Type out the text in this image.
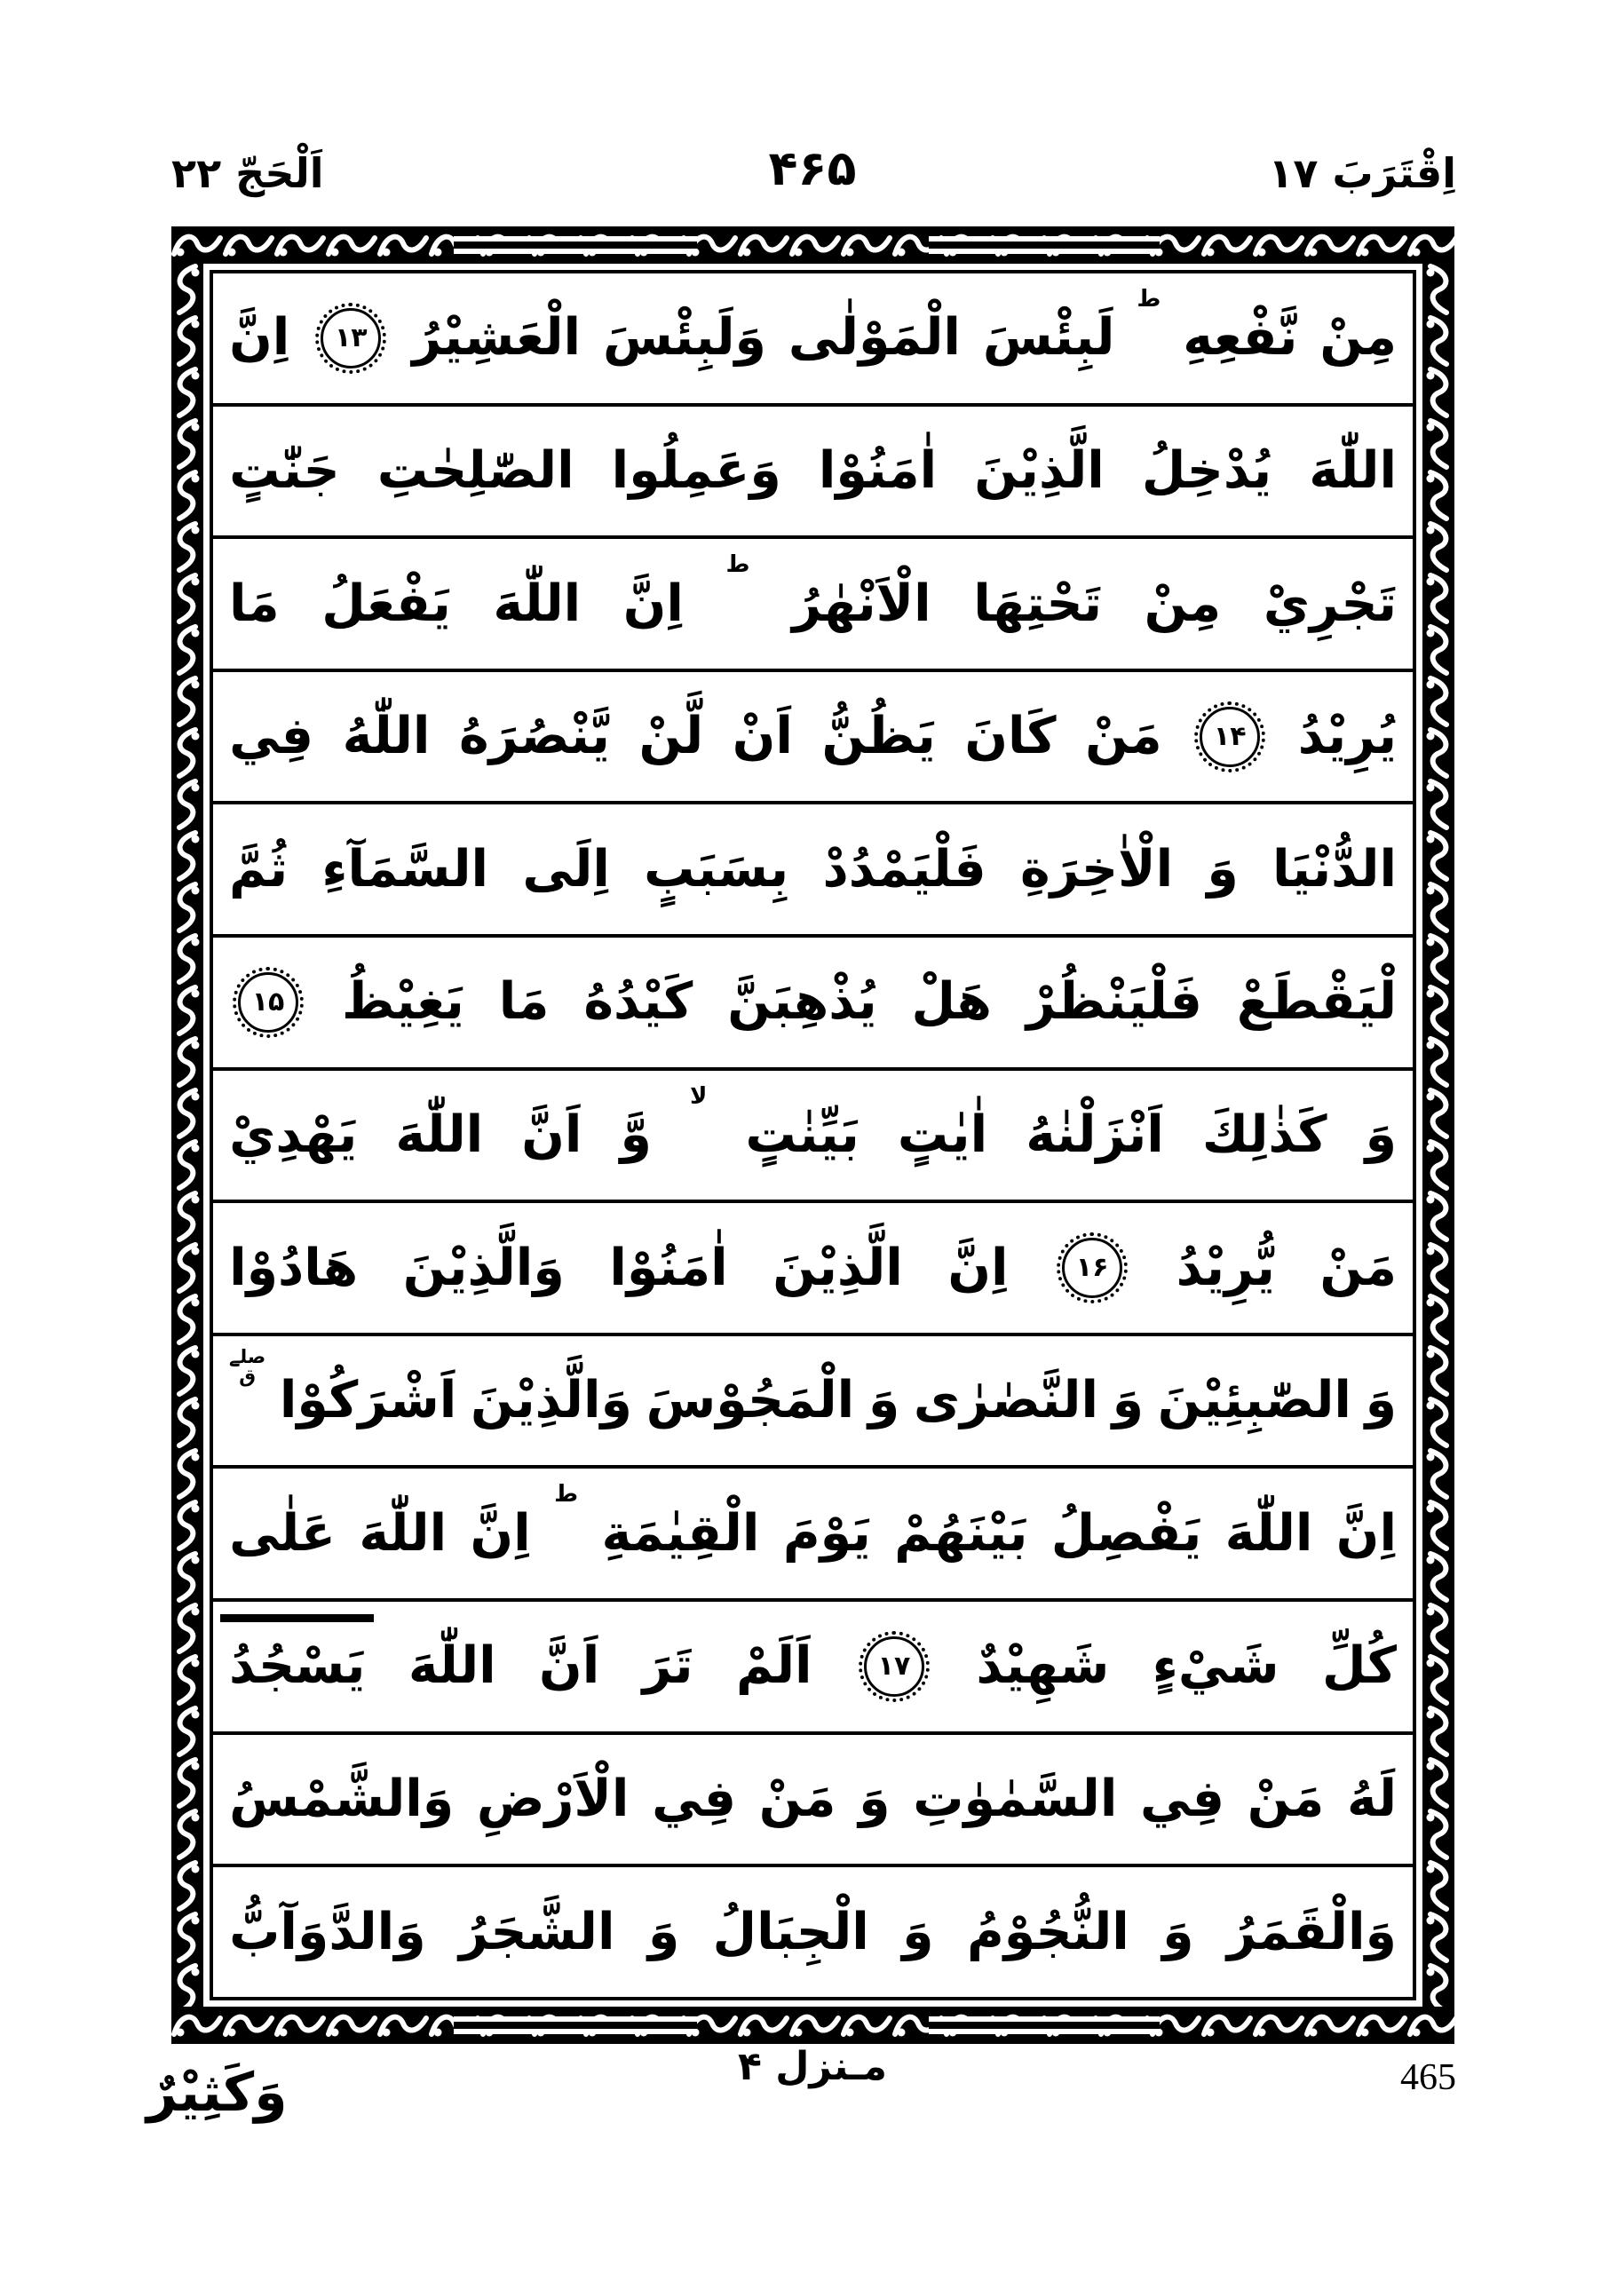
اَلْحَجّ ۲۲	۴۶۵	اِقْتَرَبَ ۱۷
مِنْ
نَّفْعِهِ
ط
لَبِئْسَ
الْمَوْلٰى
وَلَبِئْسَ
الْعَشِيْرُ
۱۳
اِنَّ
اللّٰهَ
يُدْخِلُ
الَّذِيْنَ
اٰمَنُوْا
وَعَمِلُوا
الصّٰلِحٰتِ
جَنّٰتٍ
تَجْرِيْ
مِنْ
تَحْتِهَا
الْاَنْهٰرُ
ط
اِنَّ
اللّٰهَ
يَفْعَلُ
مَا
يُرِيْدُ
۱۴
مَنْ
كَانَ
يَظُنُّ
اَنْ
لَّنْ
يَّنْصُرَهُ
اللّٰهُ
فِي
الدُّنْيَا
وَ
الْاٰخِرَةِ
فَلْيَمْدُدْ
بِسَبَبٍ
اِلَى
السَّمَآءِ
ثُمَّ
لْيَقْطَعْ
فَلْيَنْظُرْ
هَلْ
يُذْهِبَنَّ
كَيْدُهُ
مَا
يَغِيْظُ
۱۵
وَ
كَذٰلِكَ
اَنْزَلْنٰهُ
اٰيٰتٍ
بَيِّنٰتٍ
لا
وَّ
اَنَّ
اللّٰهَ
يَهْدِيْ
مَنْ
يُّرِيْدُ
۱۶
اِنَّ
الَّذِيْنَ
اٰمَنُوْا
وَالَّذِيْنَ
هَادُوْا
وَ
الصّٰبِئِيْنَ
وَ
النَّصٰرٰى
وَ
الْمَجُوْسَ
وَالَّذِيْنَ
اَشْرَكُوْا
صلے
ق
اِنَّ
اللّٰهَ
يَفْصِلُ
بَيْنَهُمْ
يَوْمَ
الْقِيٰمَةِ
ط
اِنَّ
اللّٰهَ
عَلٰى
كُلِّ
شَيْءٍ
شَهِيْدٌ
۱۷
اَلَمْ
تَرَ
اَنَّ
اللّٰهَ
يَسْجُدُ
لَهُ
مَنْ
فِي
السَّمٰوٰتِ
وَ
مَنْ
فِي
الْاَرْضِ
وَالشَّمْسُ
وَالْقَمَرُ
وَ
النُّجُوْمُ
وَ
الْجِبَالُ
وَ
الشَّجَرُ
وَالدَّوَآبُّ
وَكَثِيْرٌ	مـنزل ۴	465
